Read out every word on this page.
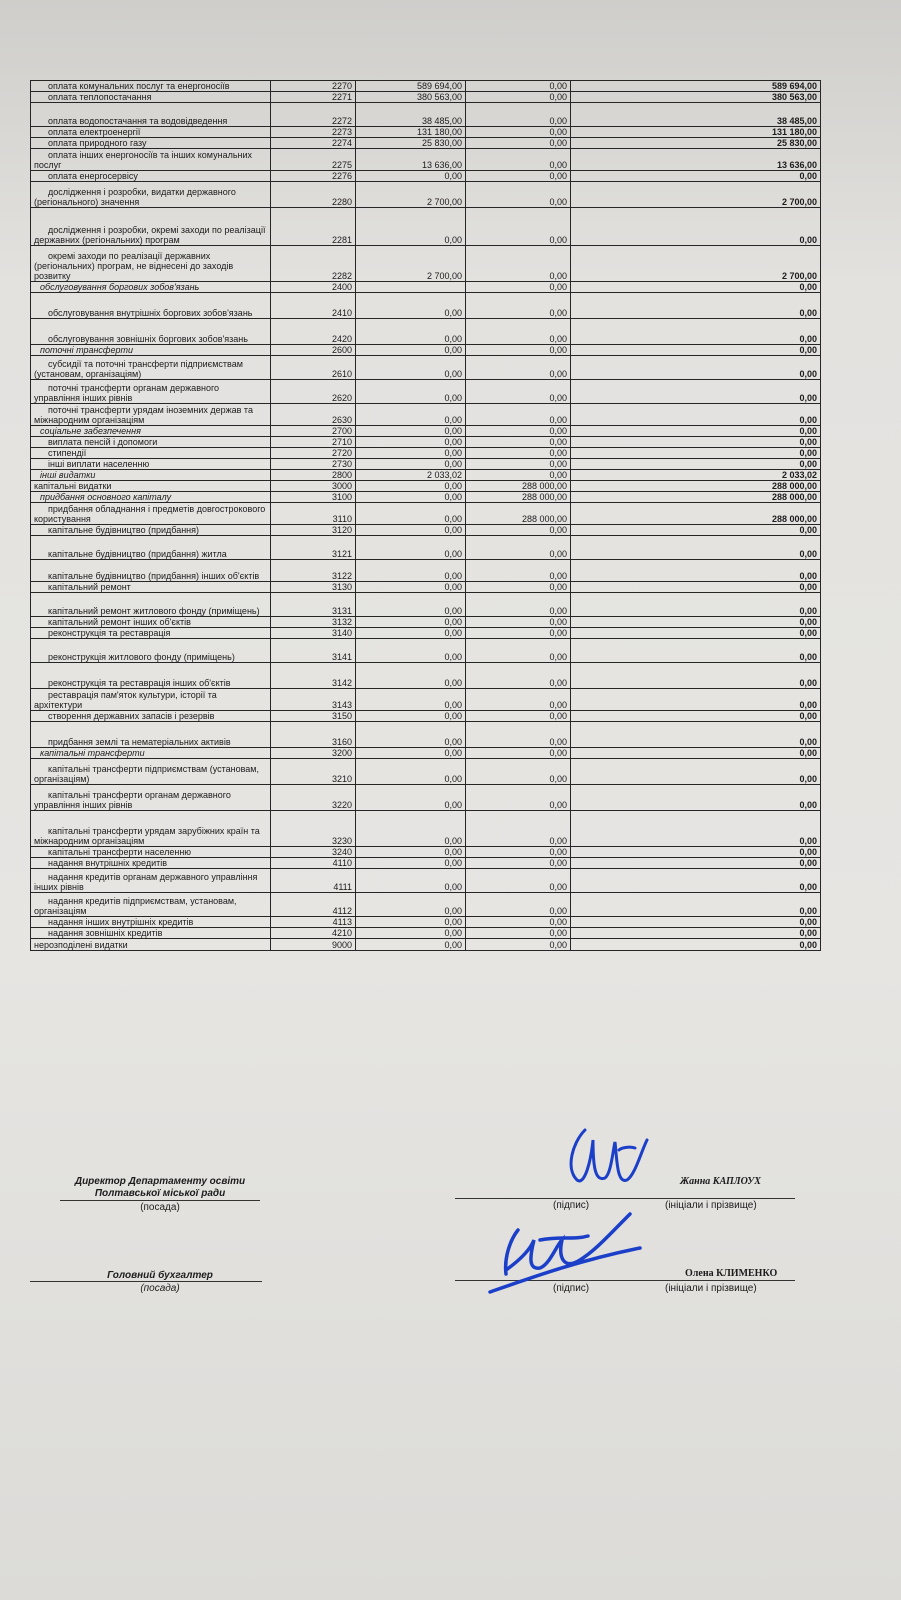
оплата комунальних послуг та енергоносіїв	2270	589 694,00	0,00	589 694,00
оплата теплопостачання	2271	380 563,00	0,00	380 563,00
оплата водопостачання та водовідведення	2272	38 485,00	0,00	38 485,00
оплата електроенергії	2273	131 180,00	0,00	131 180,00
оплата природного газу	2274	25 830,00	0,00	25 830,00
оплата інших енергоносіїв та інших комунальних послуг	2275	13 636,00	0,00	13 636,00
оплата енергосервісу	2276	0,00	0,00	0,00
дослідження і розробки, видатки державного (регіонального) значення	2280	2 700,00	0,00	2 700,00
дослідження і розробки, окремі заходи по реалізації державних (регіональних) програм	2281	0,00	0,00	0,00
окремі заходи по реалізації державних (регіональних) програм, не віднесені до заходів розвитку	2282	2 700,00	0,00	2 700,00
обслуговування боргових зобов'язань	2400		0,00	0,00
обслуговування внутрішніх боргових зобов'язань	2410	0,00	0,00	0,00
обслуговування зовнішніх боргових зобов'язань	2420	0,00	0,00	0,00
поточні трансферти	2600	0,00	0,00	0,00
субсидії та поточні трансферти підприємствам (установам, організаціям)	2610	0,00	0,00	0,00
поточні трансферти органам державного управління інших рівнів	2620	0,00	0,00	0,00
поточні трансферти урядам іноземних держав та міжнародним організаціям	2630	0,00	0,00	0,00
соціальне забезпечення	2700	0,00	0,00	0,00
виплата пенсій і допомоги	2710	0,00	0,00	0,00
стипендії	2720	0,00	0,00	0,00
інші виплати населенню	2730	0,00	0,00	0,00
інші видатки	2800	2 033,02	0,00	2 033,02
капітальні видатки	3000	0,00	288 000,00	288 000,00
придбання основного капіталу	3100	0,00	288 000,00	288 000,00
придбання обладнання і предметів довгострокового користування	3110	0,00	288 000,00	288 000,00
капітальне будівництво (придбання)	3120	0,00	0,00	0,00
капітальне будівництво (придбання) житла	3121	0,00	0,00	0,00
капітальне будівництво (придбання) інших об'єктів	3122	0,00	0,00	0,00
капітальний ремонт	3130	0,00	0,00	0,00
капітальний ремонт житлового фонду (приміщень)	3131	0,00	0,00	0,00
капітальний ремонт інших об'єктів	3132	0,00	0,00	0,00
реконструкція та реставрація	3140	0,00	0,00	0,00
реконструкція житлового фонду (приміщень)	3141	0,00	0,00	0,00
реконструкція та реставрація інших об'єктів	3142	0,00	0,00	0,00
реставрація пам'яток культури, історії та архітектури	3143	0,00	0,00	0,00
створення державних запасів і резервів	3150	0,00	0,00	0,00
придбання землі та нематеріальних активів	3160	0,00	0,00	0,00
капітальні трансферти	3200	0,00	0,00	0,00
капітальні трансферти підприємствам (установам, організаціям)	3210	0,00	0,00	0,00
капітальні трансферти органам державного управління інших рівнів	3220	0,00	0,00	0,00
капітальні трансферти урядам зарубіжних країн та міжнародним організаціям	3230	0,00	0,00	0,00
капітальні трансферти населенню	3240	0,00	0,00	0,00
надання внутрішніх кредитів	4110	0,00	0,00	0,00
надання кредитів органам державного управління інших рівнів	4111	0,00	0,00	0,00
надання кредитів підприємствам, установам, організаціям	4112	0,00	0,00	0,00
надання інших внутрішніх кредитів	4113	0,00	0,00	0,00
надання зовнішніх кредитів	4210	0,00	0,00	0,00
нерозподілені видатки	9000	0,00	0,00	0,00
Директор Департаменту освіти
Полтавської міської ради
(посада)	(підпис)	(ініціали і прізвище)
Жанна КАПЛОУХ
Головний бухгалтер
(посада)	(підпис)	(ініціали і прізвище)
Олена КЛИМЕНКО
